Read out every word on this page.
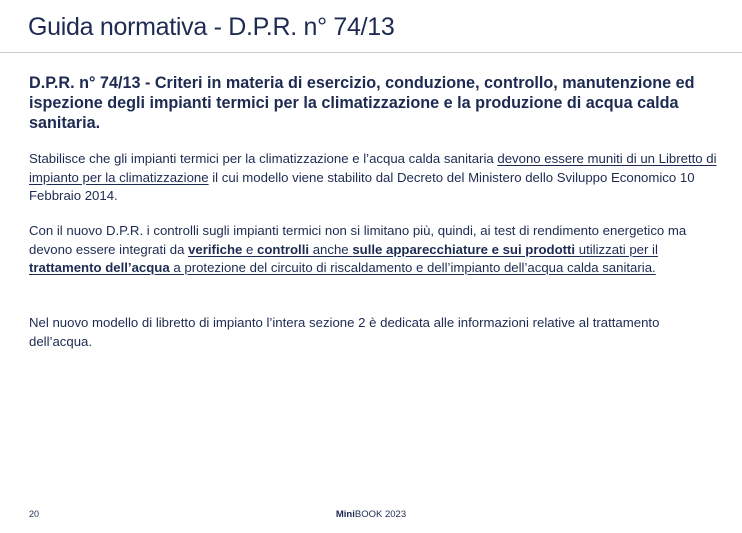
Guida normativa - D.P.R. n° 74/13
D.P.R. n° 74/13 - Criteri in materia di esercizio, conduzione, controllo, manutenzione ed ispezione degli impianti termici per la climatizzazione e la produzione di acqua calda sanitaria.

Stabilisce che gli impianti termici per la climatizzazione e l’acqua calda sanitaria devono essere muniti di un Libretto di impianto per la climatizzazione il cui modello viene stabilito dal Decreto del Ministero dello Sviluppo Economico 10 Febbraio 2014.

Con il nuovo D.P.R. i controlli sugli impianti termici non si limitano più, quindi, ai test di rendimento energetico ma devono essere integrati da verifiche e controlli anche sulle apparecchiature e sui prodotti utilizzati per il trattamento dell’acqua a protezione del circuito di riscaldamento e dell’impianto dell’acqua calda sanitaria.

Nel nuovo modello di libretto di impianto l’intera sezione 2 è dedicata alle informazioni relative al trattamento dell’acqua.

20	MiniBOOK 2023
